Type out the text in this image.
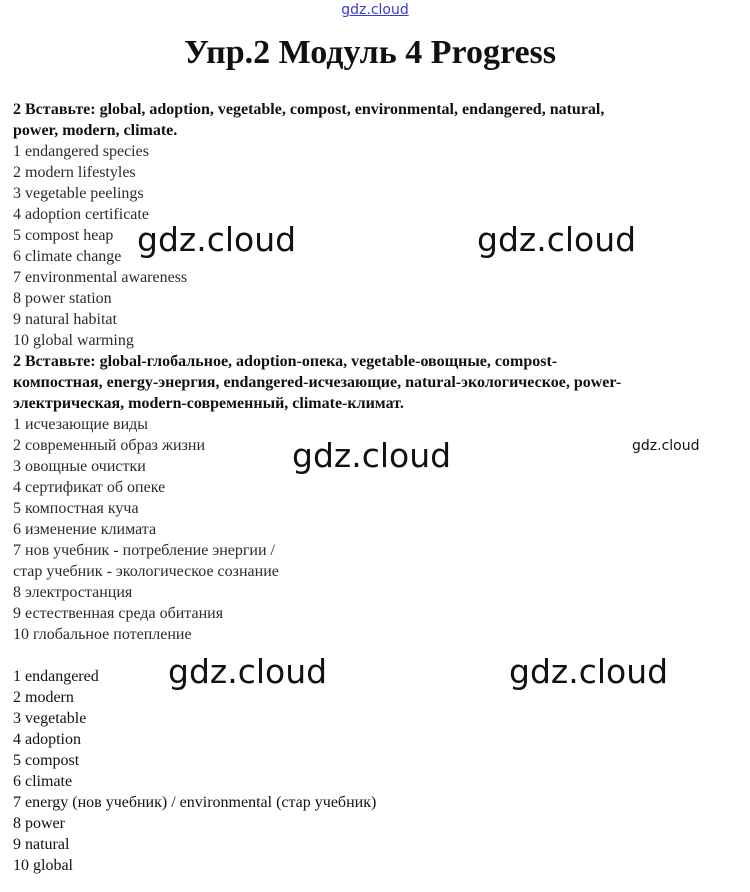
gdz.cloud
Упр.2 Модуль 4 Progress
2 Вставьте: global, adoption, vegetable, compost, environmental, endangered, natural,
power, modern, climate.
1 endangered species
2 modern lifestyles
3 vegetable peelings
4 adoption certificate
5 compost heap
6 climate change
7 environmental awareness
8 power station
9 natural habitat
10 global warming
2 Вставьте: global-глобальное, adoption-опека, vegetable-овощные, compost-
компостная, energy-энергия, endangered-исчезающие, natural-экологическое, power-
электрическая, modern-современный, climate-климат.
1 исчезающие виды
2 современный образ жизни
3 овощные очистки
4 сертификат об опеке
5 компостная куча
6 изменение климата
7 нов учебник - потребление энергии /
стар учебник - экологическое сознание
8 электростанция
9 естественная среда обитания
10 глобальное потепление
1 endangered
2 modern
3 vegetable
4 adoption
5 compost
6 climate
7 energy (нов учебник) / environmental (стар учебник)
8 power
9 natural
10 global
gdz.cloud	gdz.cloud
gdz.cloud	gdz.cloud
gdz.cloud	gdz.cloud
